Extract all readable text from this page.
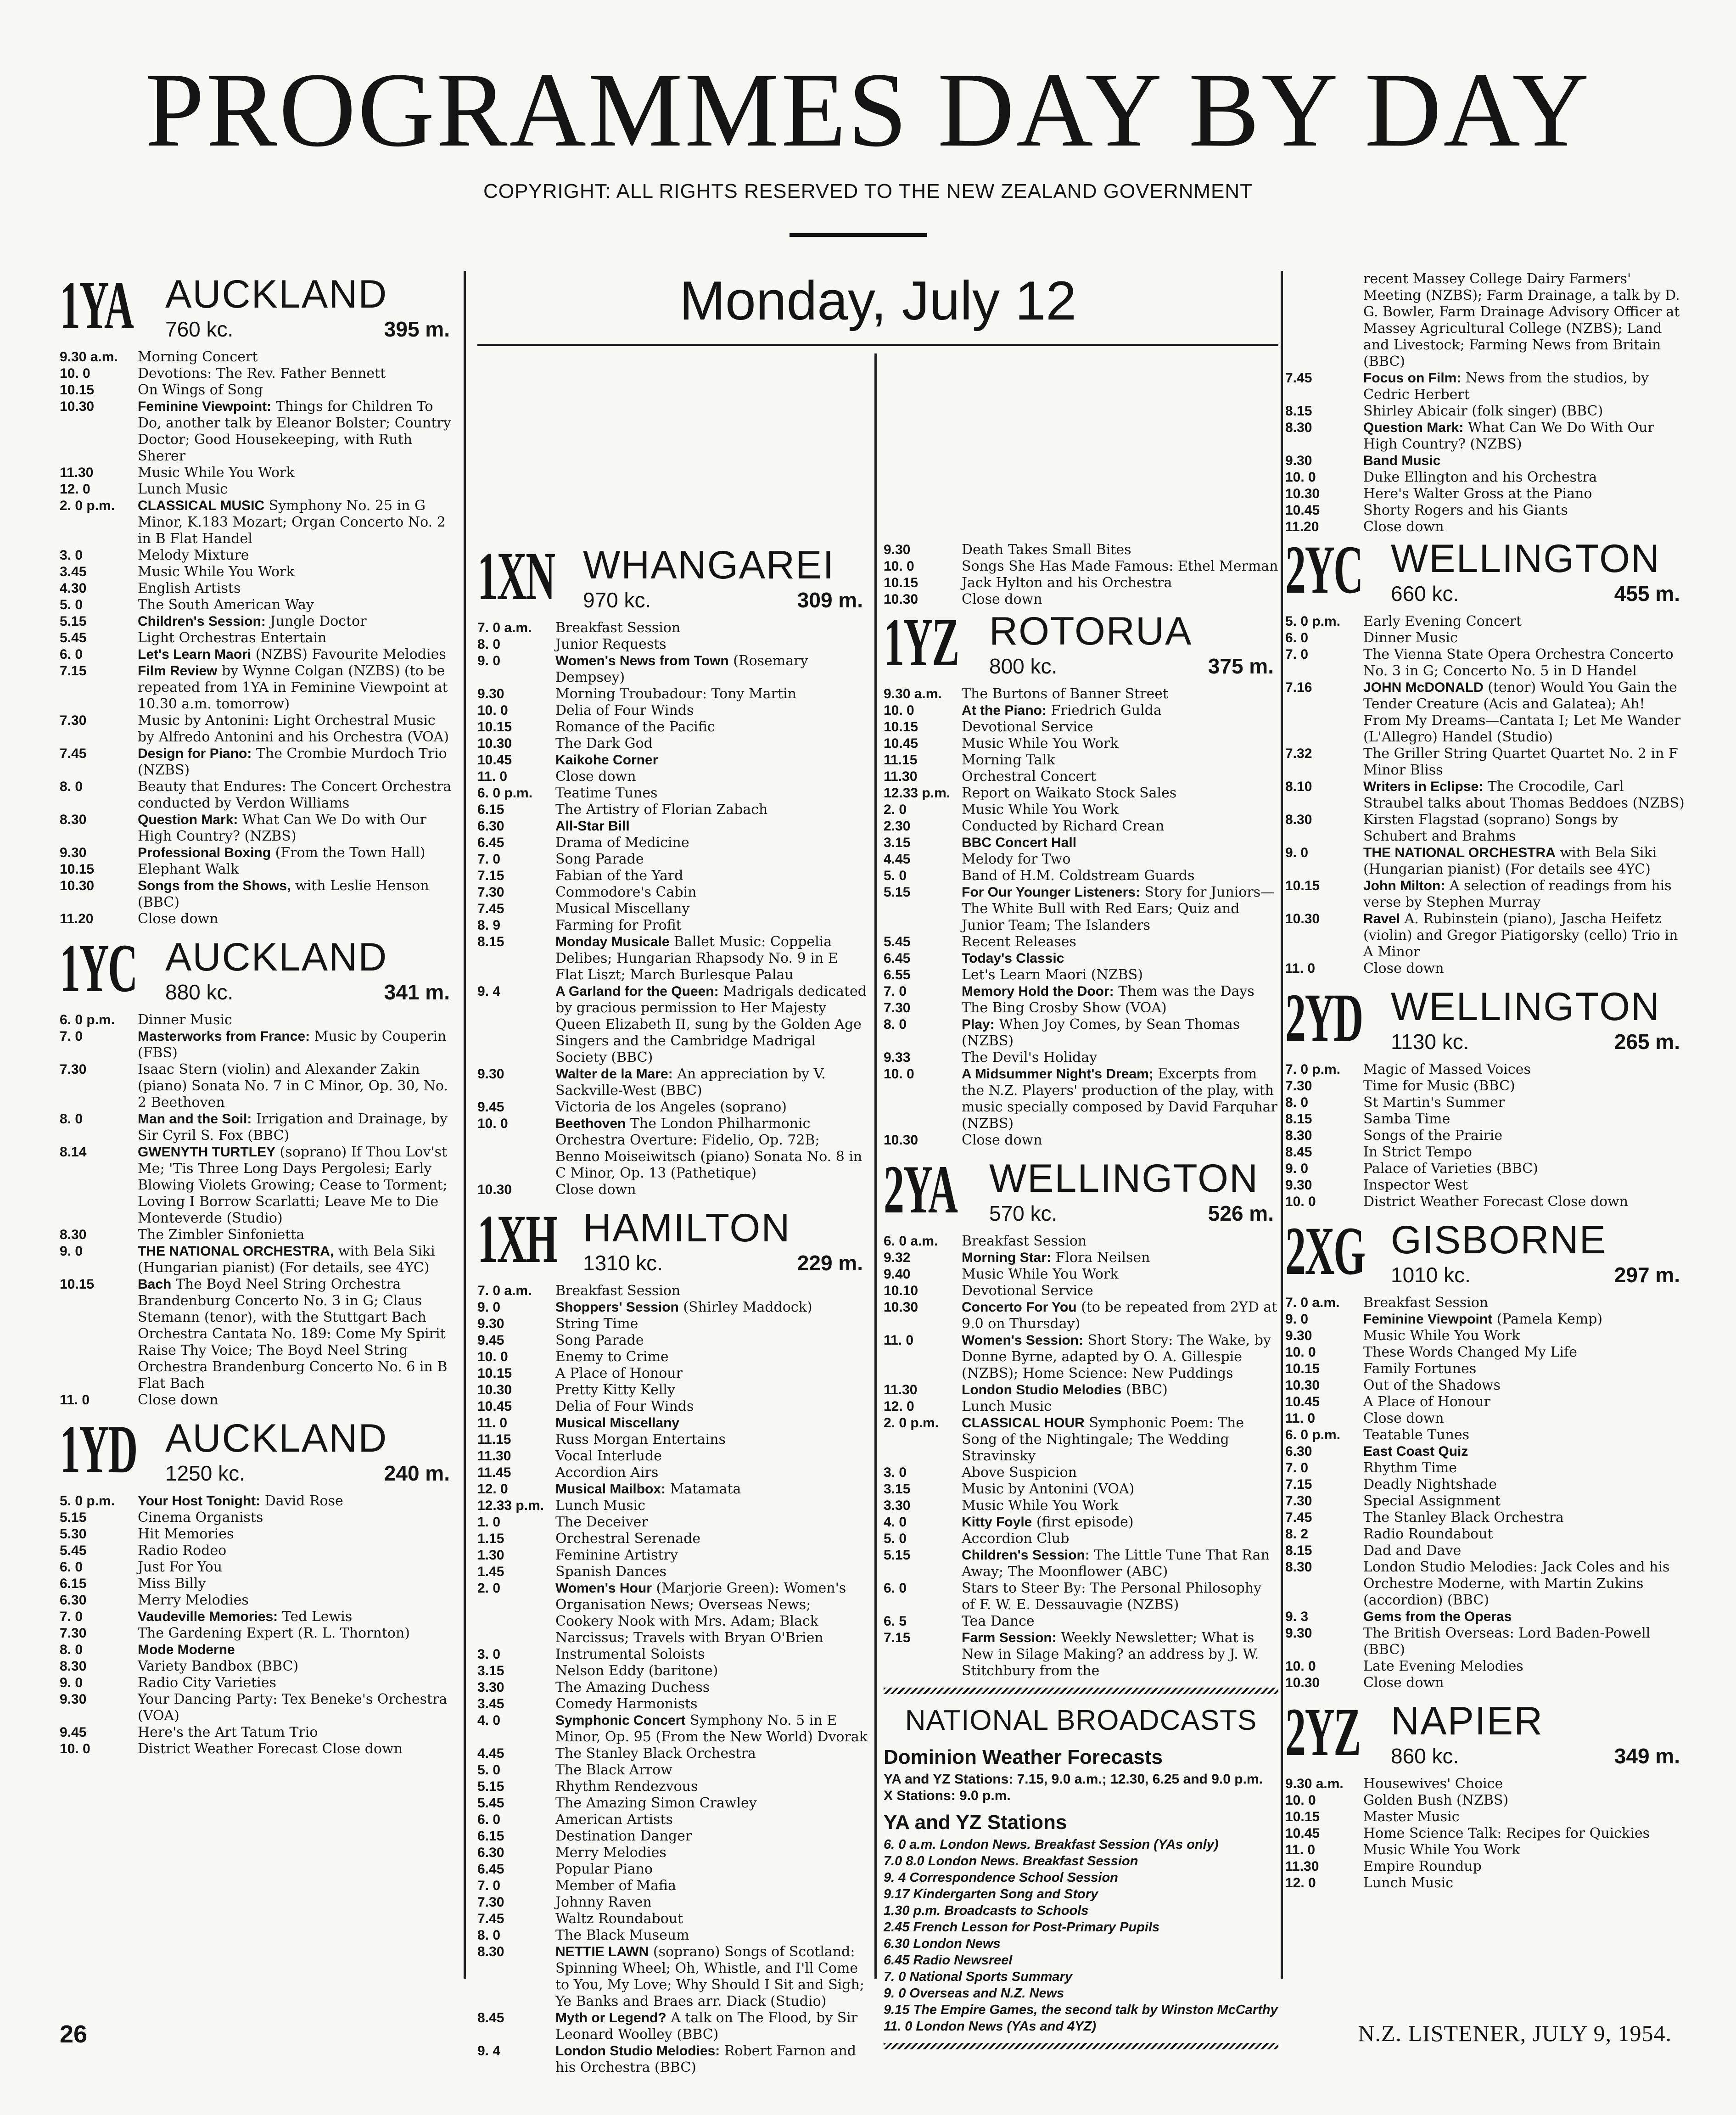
PROGRAMMES DAY BY DAY
COPYRIGHT: ALL RIGHTS RESERVED TO THE NEW ZEALAND GOVERNMENT
Monday, July 12
1YA AUCKLAND
760 kc.	395 m.
9.30 a.m.	Morning Concert
10. 0	Devotions: The Rev. Father Bennett
10.15	On Wings of Song
10.30	Feminine Viewpoint: Things for Children To Do, another talk by Eleanor Bolster; Country Doctor; Good Housekeeping, with Ruth Sherer
11.30	Music While You Work
12. 0	Lunch Music
2. 0 p.m.	CLASSICAL MUSIC Symphony No. 25 in G Minor, K.183 Mozart; Organ Concerto No. 2 in B Flat Handel
3. 0	Melody Mixture
3.45	Music While You Work
4.30	English Artists
5. 0	The South American Way
5.15	Children's Session: Jungle Doctor
5.45	Light Orchestras Entertain
6. 0	Let's Learn Maori (NZBS) Favourite Melodies
7.15	Film Review by Wynne Colgan (NZBS) (to be repeated from 1YA in Feminine Viewpoint at 10.30 a.m. tomorrow)
7.30	Music by Antonini: Light Orchestral Music by Alfredo Antonini and his Orchestra (VOA)
7.45	Design for Piano: The Crombie Murdoch Trio (NZBS)
8. 0	Beauty that Endures: The Concert Orchestra conducted by Verdon Williams
8.30	Question Mark: What Can We Do with Our High Country? (NZBS)
9.30	Professional Boxing (From the Town Hall)
10.15	Elephant Walk
10.30	Songs from the Shows, with Leslie Henson (BBC)
11.20	Close down
1YC AUCKLAND
880 kc.	341 m.
6. 0 p.m.	Dinner Music
7. 0	Masterworks from France: Music by Couperin (FBS)
7.30	Isaac Stern (violin) and Alexander Zakin (piano) Sonata No. 7 in C Minor, Op. 30, No. 2 Beethoven
8. 0	Man and the Soil: Irrigation and Drainage, by Sir Cyril S. Fox (BBC)
8.14	GWENYTH TURTLEY (soprano) If Thou Lov'st Me; 'Tis Three Long Days Pergolesi; Early Blowing Violets Growing; Cease to Torment; Loving I Borrow Scarlatti; Leave Me to Die Monteverde (Studio)
8.30	The Zimbler Sinfonietta
9. 0	THE NATIONAL ORCHESTRA, with Bela Siki (Hungarian pianist) (For details, see 4YC)
10.15	Bach The Boyd Neel String Orchestra Brandenburg Concerto No. 3 in G; Claus Stemann (tenor), with the Stuttgart Bach Orchestra Cantata No. 189: Come My Spirit Raise Thy Voice; The Boyd Neel String Orchestra Brandenburg Concerto No. 6 in B Flat Bach
11. 0	Close down
1YD AUCKLAND
1250 kc.	240 m.
5. 0 p.m.	Your Host Tonight: David Rose
5.15	Cinema Organists
5.30	Hit Memories
5.45	Radio Rodeo
6. 0	Just For You
6.15	Miss Billy
6.30	Merry Melodies
7. 0	Vaudeville Memories: Ted Lewis
7.30	The Gardening Expert (R. L. Thornton)
8. 0	Mode Moderne
8.30	Variety Bandbox (BBC)
9. 0	Radio City Varieties
9.30	Your Dancing Party: Tex Beneke's Orchestra (VOA)
9.45	Here's the Art Tatum Trio
10. 0	District Weather Forecast Close down
1XN WHANGAREI
970 kc.	309 m.
7. 0 a.m.	Breakfast Session
8. 0	Junior Requests
9. 0	Women's News from Town (Rosemary Dempsey)
9.30	Morning Troubadour: Tony Martin
10. 0	Delia of Four Winds
10.15	Romance of the Pacific
10.30	The Dark God
10.45	Kaikohe Corner
11. 0	Close down
6. 0 p.m.	Teatime Tunes
6.15	The Artistry of Florian Zabach
6.30	All-Star Bill
6.45	Drama of Medicine
7. 0	Song Parade
7.15	Fabian of the Yard
7.30	Commodore's Cabin
7.45	Musical Miscellany
8. 9	Farming for Profit
8.15	Monday Musicale Ballet Music: Coppelia Delibes; Hungarian Rhapsody No. 9 in E Flat Liszt; March Burlesque Palau
9. 4	A Garland for the Queen: Madrigals dedicated by gracious permission to Her Majesty Queen Elizabeth II, sung by the Golden Age Singers and the Cambridge Madrigal Society (BBC)
9.30	Walter de la Mare: An appreciation by V. Sackville-West (BBC)
9.45	Victoria de los Angeles (soprano)
10. 0	Beethoven The London Philharmonic Orchestra Overture: Fidelio, Op. 72B; Benno Moiseiwitsch (piano) Sonata No. 8 in C Minor, Op. 13 (Pathetique)
10.30	Close down
1XH HAMILTON
1310 kc.	229 m.
7. 0 a.m.	Breakfast Session
9. 0	Shoppers' Session (Shirley Maddock)
9.30	String Time
9.45	Song Parade
10. 0	Enemy to Crime
10.15	A Place of Honour
10.30	Pretty Kitty Kelly
10.45	Delia of Four Winds
11. 0	Musical Miscellany
11.15	Russ Morgan Entertains
11.30	Vocal Interlude
11.45	Accordion Airs
12. 0	Musical Mailbox: Matamata
12.33 p.m. Lunch Music
1. 0	The Deceiver
1.15	Orchestral Serenade
1.30	Feminine Artistry
1.45	Spanish Dances
2. 0	Women's Hour (Marjorie Green): Women's Organisation News; Overseas News; Cookery Nook with Mrs. Adam; Black Narcissus; Travels with Bryan O'Brien
3. 0	Instrumental Soloists
3.15	Nelson Eddy (baritone)
3.30	The Amazing Duchess
3.45	Comedy Harmonists
4. 0	Symphonic Concert Symphony No. 5 in E Minor, Op. 95 (From the New World) Dvorak
4.45	The Stanley Black Orchestra
5. 0	The Black Arrow
5.15	Rhythm Rendezvous
5.45	The Amazing Simon Crawley
6. 0	American Artists
6.15	Destination Danger
6.30	Merry Melodies
6.45	Popular Piano
7. 0	Member of Mafia
7.30	Johnny Raven
7.45	Waltz Roundabout
8. 0	The Black Museum
8.30	NETTIE LAWN (soprano) Songs of Scotland: Spinning Wheel; Oh, Whistle, and I'll Come to You, My Love; Why Should I Sit and Sigh; Ye Banks and Braes arr. Diack (Studio)
8.45	Myth or Legend? A talk on The Flood, by Sir Leonard Woolley (BBC)
9. 4	London Studio Melodies: Robert Farnon and his Orchestra (BBC)
9.30	Death Takes Small Bites
10. 0	Songs She Has Made Famous: Ethel Merman
10.15	Jack Hylton and his Orchestra
10.30	Close down
1YZ ROTORUA
800 kc.	375 m.
9.30 a.m.	The Burtons of Banner Street
10. 0	At the Piano: Friedrich Gulda
10.15	Devotional Service
10.45	Music While You Work
11.15	Morning Talk
11.30	Orchestral Concert
12.33 p.m. Report on Waikato Stock Sales
2. 0	Music While You Work
2.30	Conducted by Richard Crean
3.15	BBC Concert Hall
4.45	Melody for Two
5. 0	Band of H.M. Coldstream Guards
5.15	For Our Younger Listeners: Story for Juniors—The White Bull with Red Ears; Quiz and Junior Team; The Islanders
5.45	Recent Releases
6.45	Today's Classic
6.55	Let's Learn Maori (NZBS)
7. 0	Memory Hold the Door: Them was the Days
7.30	The Bing Crosby Show (VOA)
8. 0	Play: When Joy Comes, by Sean Thomas (NZBS)
9.33	The Devil's Holiday
10. 0	A Midsummer Night's Dream; Excerpts from the N.Z. Players' production of the play, with music specially composed by David Farquhar (NZBS)
10.30	Close down
2YA WELLINGTON
570 kc.	526 m.
6. 0 a.m.	Breakfast Session
9.32	Morning Star: Flora Neilsen
9.40	Music While You Work
10.10	Devotional Service
10.30	Concerto For You (to be repeated from 2YD at 9.0 on Thursday)
11. 0	Women's Session: Short Story: The Wake, by Donne Byrne, adapted by O. A. Gillespie (NZBS); Home Science: New Puddings
11.30	London Studio Melodies (BBC)
12. 0	Lunch Music
2. 0 p.m.	CLASSICAL HOUR Symphonic Poem: The Song of the Nightingale; The Wedding Stravinsky
3. 0	Above Suspicion
3.15	Music by Antonini (VOA)
3.30	Music While You Work
4. 0	Kitty Foyle (first episode)
5. 0	Accordion Club
5.15	Children's Session: The Little Tune That Ran Away; The Moonflower (ABC)
6. 0	Stars to Steer By: The Personal Philosophy of F. W. E. Dessauvagie (NZBS)
6. 5	Tea Dance
7.15	Farm Session: Weekly Newsletter; What is New in Silage Making? an address by J. W. Stitchbury from the
NATIONAL BROADCASTS
Dominion Weather Forecasts
YA and YZ Stations: 7.15, 9.0 a.m.; 12.30, 6.25 and 9.0 p.m.
X Stations: 9.0 p.m.
YA and YZ Stations
6. 0 a.m. London News. Breakfast Session (YAs only)
7.0 8.0 London News. Breakfast Session
9. 4 Correspondence School Session
9.17 Kindergarten Song and Story
1.30 p.m. Broadcasts to Schools
2.45 French Lesson for Post-Primary Pupils
6.30 London News
6.45 Radio Newsreel
7. 0 National Sports Summary
9. 0 Overseas and N.Z. News
9.15 The Empire Games, the second talk by Winston McCarthy
11. 0 London News (YAs and 4YZ)
recent Massey College Dairy Farmers' Meeting (NZBS); Farm Drainage, a talk by D. G. Bowler, Farm Drainage Advisory Officer at Massey Agricultural College (NZBS); Land and Livestock; Farming News from Britain (BBC)
7.45	Focus on Film: News from the studios, by Cedric Herbert
8.15	Shirley Abicair (folk singer) (BBC)
8.30	Question Mark: What Can We Do With Our High Country? (NZBS)
9.30	Band Music
10. 0	Duke Ellington and his Orchestra
10.30	Here's Walter Gross at the Piano
10.45	Shorty Rogers and his Giants
11.20	Close down
2YC WELLINGTON
660 kc.	455 m.
5. 0 p.m.	Early Evening Concert
6. 0	Dinner Music
7. 0	The Vienna State Opera Orchestra Concerto No. 3 in G; Concerto No. 5 in D Handel
7.16	JOHN McDONALD (tenor) Would You Gain the Tender Creature (Acis and Galatea); Ah! From My Dreams—Cantata I; Let Me Wander (L'Allegro) Handel (Studio)
7.32	The Griller String Quartet Quartet No. 2 in F Minor Bliss
8.10	Writers in Eclipse: The Crocodile, Carl Straubel talks about Thomas Beddoes (NZBS)
8.30	Kirsten Flagstad (soprano) Songs by Schubert and Brahms
9. 0	THE NATIONAL ORCHESTRA with Bela Siki (Hungarian pianist) (For details see 4YC)
10.15	John Milton: A selection of readings from his verse by Stephen Murray
10.30	Ravel A. Rubinstein (piano), Jascha Heifetz (violin) and Gregor Piatigorsky (cello) Trio in A Minor
11. 0	Close down
2YD WELLINGTON
1130 kc.	265 m.
7. 0 p.m.	Magic of Massed Voices
7.30	Time for Music (BBC)
8. 0	St Martin's Summer
8.15	Samba Time
8.30	Songs of the Prairie
8.45	In Strict Tempo
9. 0	Palace of Varieties (BBC)
9.30	Inspector West
10. 0	District Weather Forecast Close down
2XG GISBORNE
1010 kc.	297 m.
7. 0 a.m.	Breakfast Session
9. 0	Feminine Viewpoint (Pamela Kemp)
9.30	Music While You Work
10. 0	These Words Changed My Life
10.15	Family Fortunes
10.30	Out of the Shadows
10.45	A Place of Honour
11. 0	Close down
6. 0 p.m.	Teatable Tunes
6.30	East Coast Quiz
7. 0	Rhythm Time
7.15	Deadly Nightshade
7.30	Special Assignment
7.45	The Stanley Black Orchestra
8. 2	Radio Roundabout
8.15	Dad and Dave
8.30	London Studio Melodies: Jack Coles and his Orchestre Moderne, with Martin Zukins (accordion) (BBC)
9. 3	Gems from the Operas
9.30	The British Overseas: Lord Baden-Powell (BBC)
10. 0	Late Evening Melodies
10.30	Close down
2YZ NAPIER
860 kc.	349 m.
9.30 a.m.	Housewives' Choice
10. 0	Golden Bush (NZBS)
10.15	Master Music
10.45	Home Science Talk: Recipes for Quickies
11. 0	Music While You Work
11.30	Empire Roundup
12. 0	Lunch Music
26	N.Z. LISTENER, JULY 9, 1954.
